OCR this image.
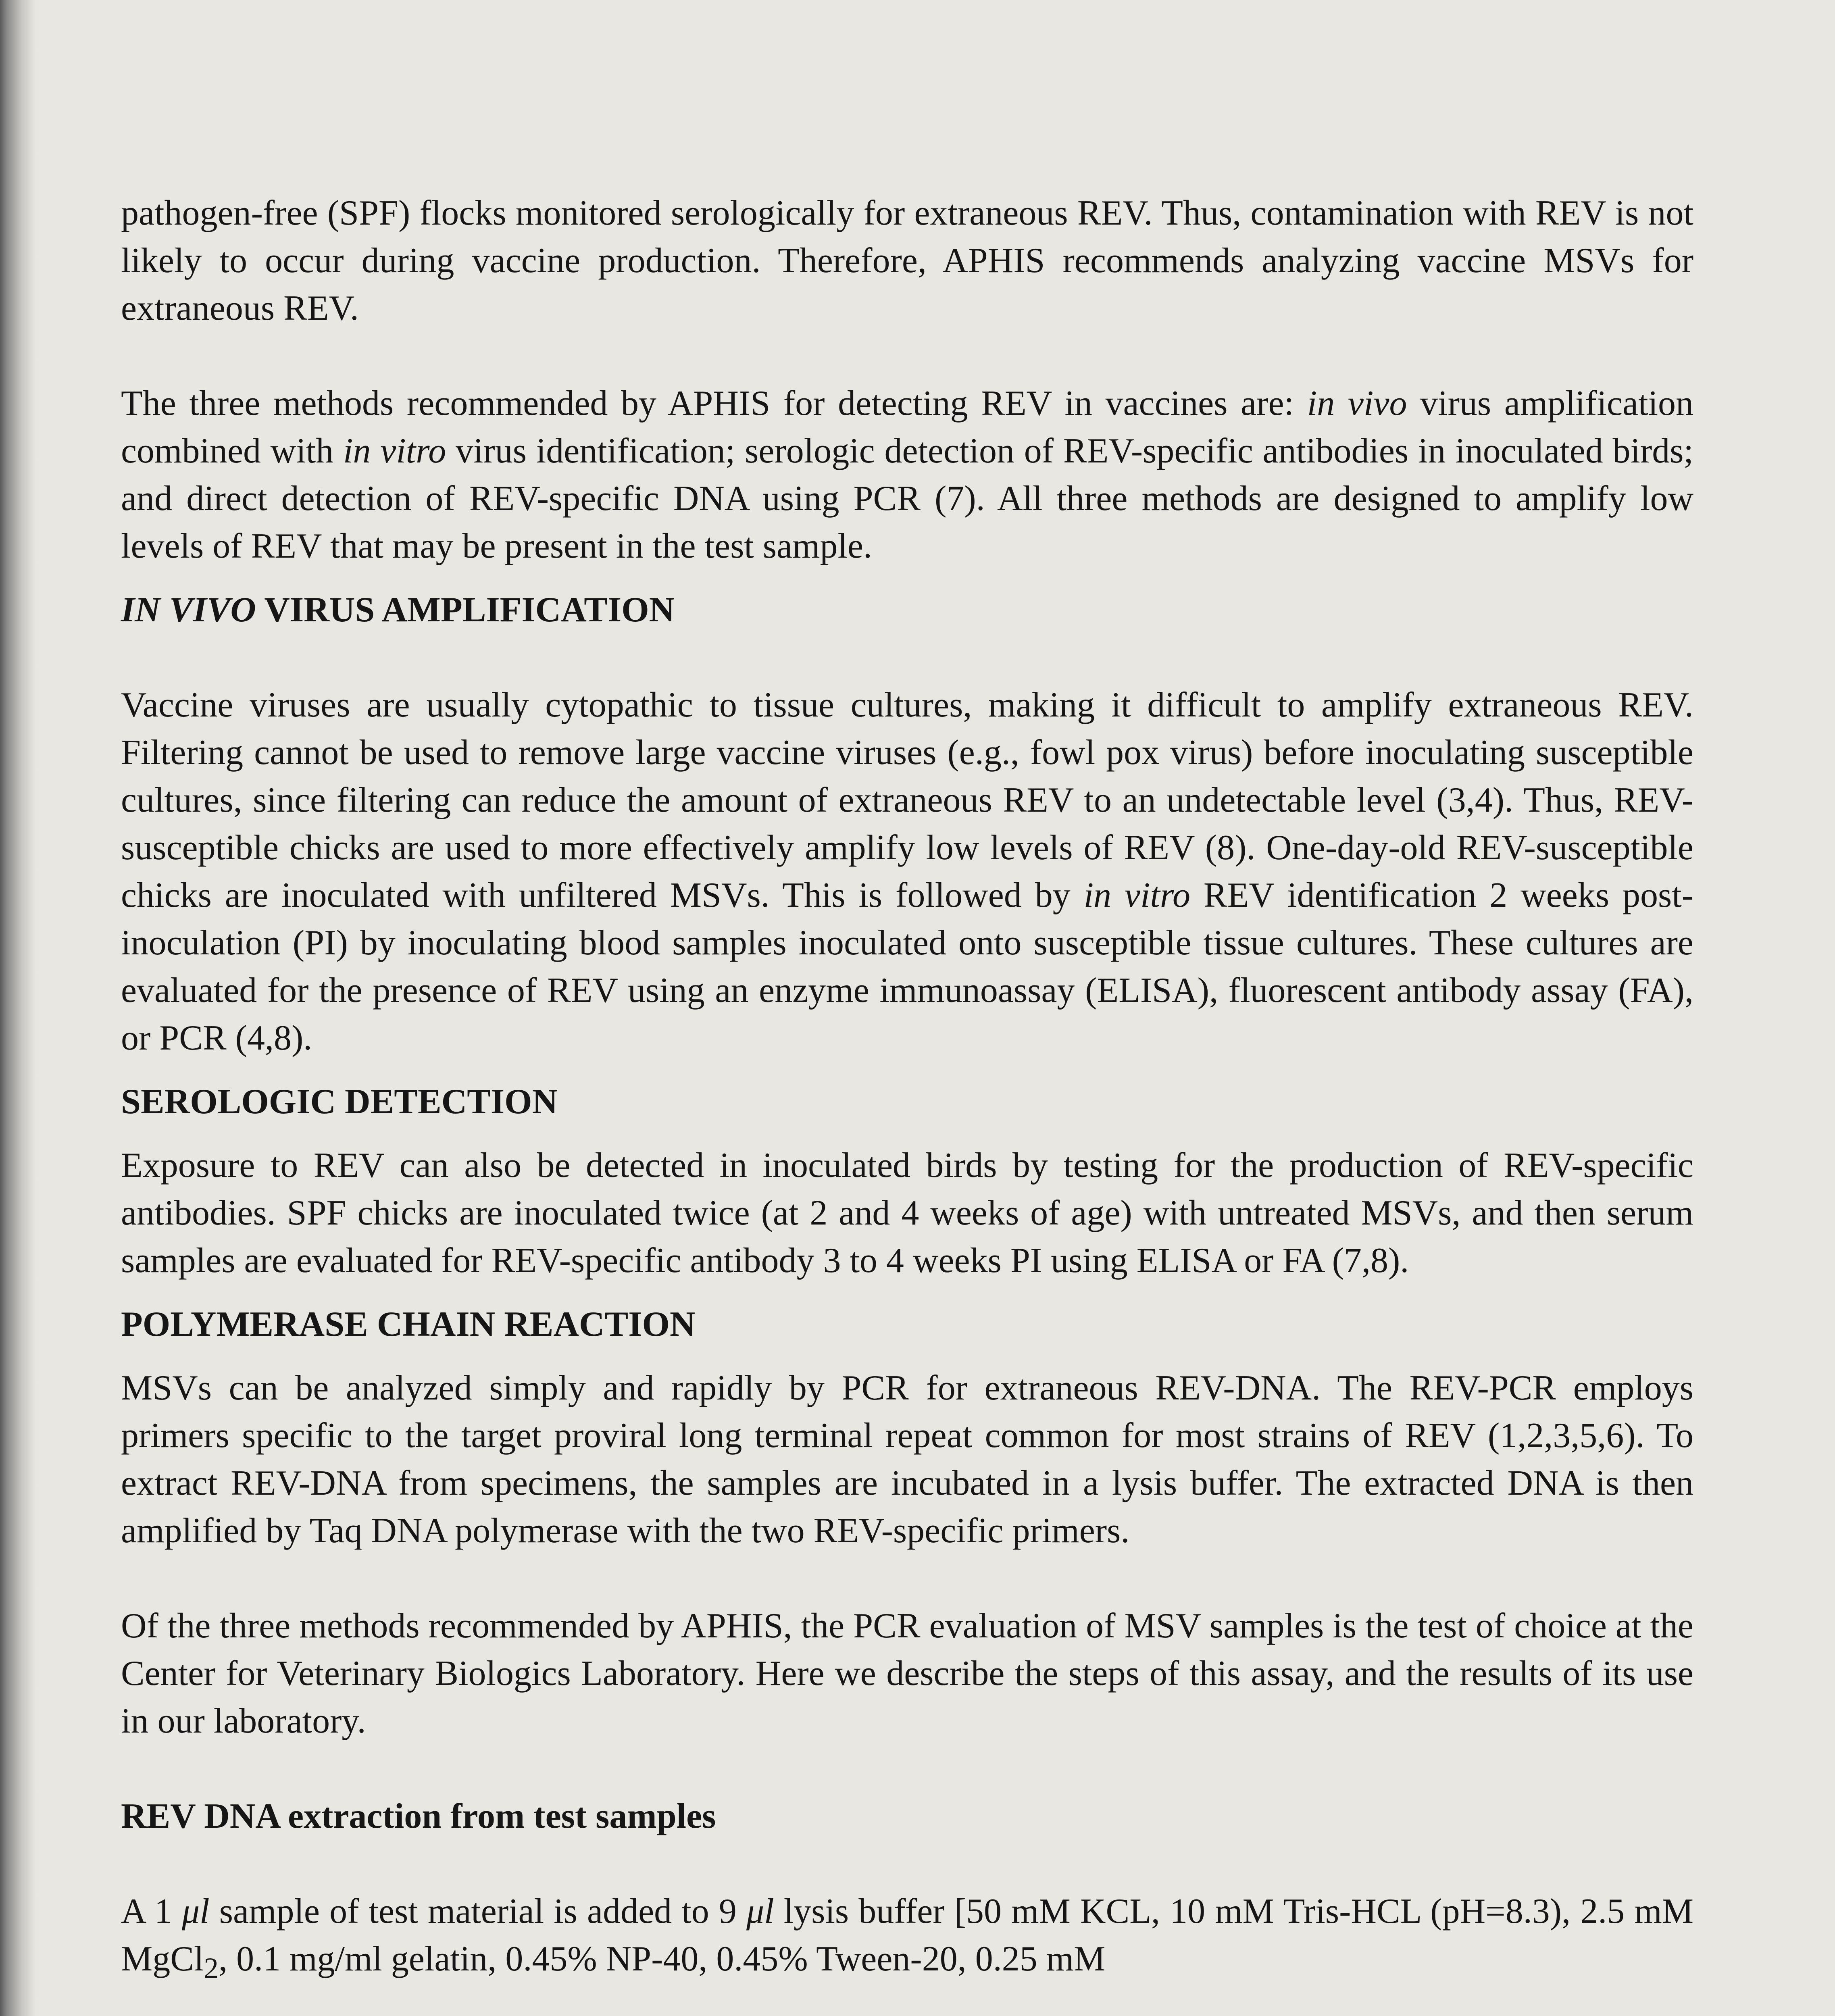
pathogen-free (SPF) flocks monitored serologically for extraneous REV. Thus, contamination with REV is not likely to occur during vaccine production. Therefore, APHIS recommends analyzing vaccine MSVs for extraneous REV.

The three methods recommended by APHIS for detecting REV in vaccines are: in vivo virus amplification combined with in vitro virus identification; serologic detection of REV-specific antibodies in inoculated birds; and direct detection of REV-specific DNA using PCR (7). All three methods are designed to amplify low levels of REV that may be present in the test sample.

IN VIVO VIRUS AMPLIFICATION

Vaccine viruses are usually cytopathic to tissue cultures, making it difficult to amplify extraneous REV. Filtering cannot be used to remove large vaccine viruses (e.g., fowl pox virus) before inoculating susceptible cultures, since filtering can reduce the amount of extraneous REV to an undetectable level (3,4). Thus, REV-susceptible chicks are used to more effectively amplify low levels of REV (8). One-day-old REV-susceptible chicks are inoculated with unfiltered MSVs. This is followed by in vitro REV identification 2 weeks post-inoculation (PI) by inoculating blood samples inoculated onto susceptible tissue cultures. These cultures are evaluated for the presence of REV using an enzyme immunoassay (ELISA), fluorescent antibody assay (FA), or PCR (4,8).

SEROLOGIC DETECTION

Exposure to REV can also be detected in inoculated birds by testing for the production of REV-specific antibodies. SPF chicks are inoculated twice (at 2 and 4 weeks of age) with untreated MSVs, and then serum samples are evaluated for REV-specific antibody 3 to 4 weeks PI using ELISA or FA (7,8).

POLYMERASE CHAIN REACTION

MSVs can be analyzed simply and rapidly by PCR for extraneous REV-DNA. The REV-PCR employs primers specific to the target proviral long terminal repeat common for most strains of REV (1,2,3,5,6). To extract REV-DNA from specimens, the samples are incubated in a lysis buffer. The extracted DNA is then amplified by Taq DNA polymerase with the two REV-specific primers.

Of the three methods recommended by APHIS, the PCR evaluation of MSV samples is the test of choice at the Center for Veterinary Biologics Laboratory. Here we describe the steps of this assay, and the results of its use in our laboratory.

REV DNA extraction from test samples

A 1 μl sample of test material is added to 9 μl lysis buffer [50 mM KCL, 10 mM Tris-HCL (pH=8.3), 2.5 mM MgCl$_2$, 0.1 mg/ml gelatin, 0.45% NP-40, 0.45% Tween-20, 0.25 mM
